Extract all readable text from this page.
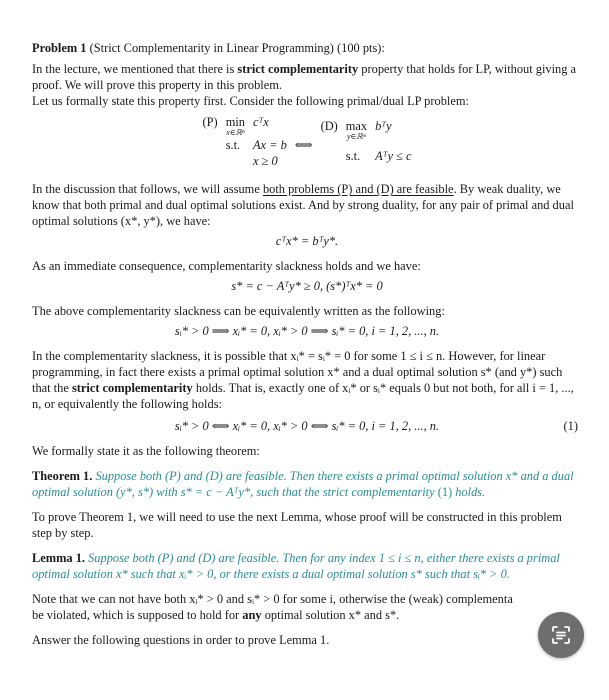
Problem 1 (Strict Complementarity in Linear Programming) (100 pts):

In the lecture, we mentioned that there is strict complementarity property that holds for LP, without giving a proof. We will prove this property in this problem.

Let us formally state this property first. Consider the following primal/dual LP problem:

(P)	min
x∈ℝⁿ	cᵀx	
	s.t.	Ax = b	⟺
		x ≥ 0	
(D)	max
y∈ℝᵐ	bᵀy
	s.t.	Aᵀy ≤ c

In the discussion that follows, we will assume both problems (P) and (D) are feasible. By weak duality, we know that both primal and dual optimal solutions exist. And by strong duality, for any pair of primal and dual optimal solutions (x*, y*), we have:

cᵀx* = bᵀy*.

As an immediate consequence, complementarity slackness holds and we have:

s* = c − Aᵀy* ≥ 0, (s*)ᵀx* = 0

The above complementarity slackness can be equivalently written as the following:

sᵢ* > 0 ⟹ xᵢ* = 0, xᵢ* > 0 ⟹ sᵢ* = 0, i = 1, 2, ..., n.

In the complementarity slackness, it is possible that xᵢ* = sᵢ* = 0 for some 1 ≤ i ≤ n. However, for linear programming, in fact there exists a primal optimal solution x* and a dual optimal solution s* (and y*) such that the strict complementarity holds. That is, exactly one of xᵢ* or sᵢ* equals 0 but not both, for all i = 1, ..., n, or equivalently the following holds:

sᵢ* > 0 ⟺ xᵢ* = 0, xᵢ* > 0 ⟺ sᵢ* = 0, i = 1, 2, ..., n.	(1)

We formally state it as the following theorem:

Theorem 1. Suppose both (P) and (D) are feasible. Then there exists a primal optimal solution x* and a dual optimal solution (y*, s*) with s* = c − Aᵀy*, such that the strict complementarity (1) holds.

To prove Theorem 1, we will need to use the next Lemma, whose proof will be constructed in this problem step by step.

Lemma 1. Suppose both (P) and (D) are feasible. Then for any index 1 ≤ i ≤ n, either there exists a primal optimal solution x* such that xᵢ* > 0, or there exists a dual optimal solution s* such that sᵢ* > 0.

Note that we can not have both xᵢ* > 0 and sᵢ* > 0 for some i, otherwise the (weak) complementa
be violated, which is supposed to hold for any optimal solution x* and s*.

Answer the following questions in order to prove Lemma 1.
